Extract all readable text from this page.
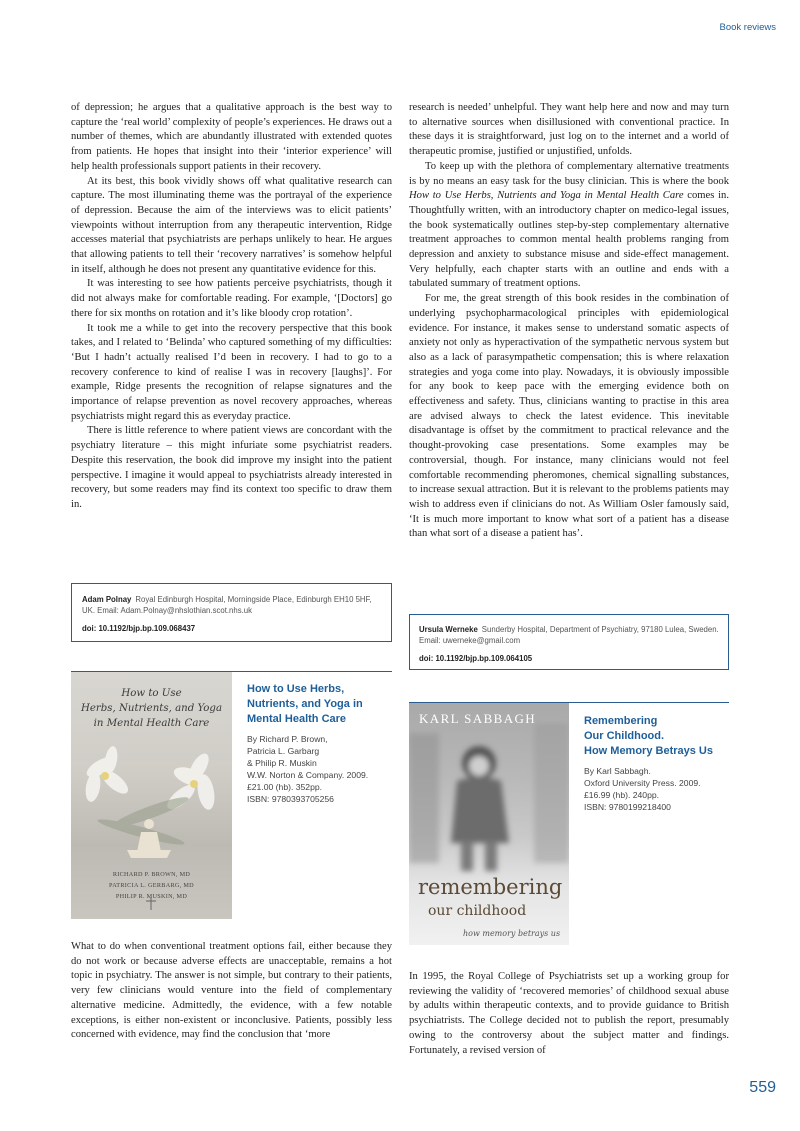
Book reviews
559

of depression; he argues that a qualitative approach is the best way to capture the ‘real world’ complexity of people’s experiences. He draws out a number of themes, which are abundantly illustrated with extended quotes from patients. He hopes that insight into their ‘interior experience’ will help health professionals support patients in their recovery.

At its best, this book vividly shows off what qualitative research can capture. The most illuminating theme was the portrayal of the experience of depression. Because the aim of the interviews was to elicit patients’ viewpoints without interruption from any therapeutic intervention, Ridge accesses material that psychiatrists are perhaps unlikely to hear. He argues that allowing patients to tell their ‘recovery narratives’ is somehow helpful in itself, although he does not present any quantitative evidence for this.

It was interesting to see how patients perceive psychiatrists, though it did not always make for comfortable reading. For example, ‘[Doctors] go there for six months on rotation and it’s like bloody crop rotation’.

It took me a while to get into the recovery perspective that this book takes, and I related to ‘Belinda’ who captured something of my difficulties: ‘But I hadn’t actually realised I’d been in recovery. I had to go to a recovery conference to kind of realise I was in recovery [laughs]’. For example, Ridge presents the recognition of relapse signatures and the importance of relapse prevention as novel recovery approaches, whereas psychiatrists might regard this as everyday practice.

There is little reference to where patient views are concordant with the psychiatry literature – this might infuriate some psychiatrist readers. Despite this reservation, the book did improve my insight into the patient perspective. I imagine it would appeal to psychiatrists already interested in recovery, but some readers may find its context too specific to draw them in.

Adam Polnay Royal Edinburgh Hospital, Morningside Place, Edinburgh EH10 5HF, UK. Email: Adam.Polnay@nhslothian.scot.nhs.uk
doi: 10.1192/bjp.bp.109.068437

research is needed’ unhelpful. They want help here and now and may turn to alternative sources when disillusioned with conventional practice. In these days it is straightforward, just log on to the internet and a world of therapeutic promise, justified or unjustified, unfolds.

To keep up with the plethora of complementary alternative treatments is by no means an easy task for the busy clinician. This is where the book How to Use Herbs, Nutrients and Yoga in Mental Health Care comes in. Thoughtfully written, with an introductory chapter on medico-legal issues, the book systematically outlines step-by-step complementary alternative treatment approaches to common mental health problems ranging from depression and anxiety to substance misuse and side-effect management. Very helpfully, each chapter starts with an outline and ends with a tabulated summary of treatment options.

For me, the great strength of this book resides in the combination of underlying psychopharmacological principles with epidemiological evidence. For instance, it makes sense to understand somatic aspects of anxiety not only as hyperactivation of the sympathetic nervous system but also as a lack of parasympathetic compensation; this is where relaxation strategies and yoga come into play. Nowadays, it is obviously impossible for any book to keep pace with the emerging evidence both on effectiveness and safety. Thus, clinicians wanting to practise in this area are advised always to check the latest evidence. This inevitable disadvantage is offset by the commitment to practical relevance and the thought-provoking case presentations. Some examples may be controversial, though. For instance, many clinicians would not feel comfortable recommending pheromones, chemical signalling substances, to increase sexual attraction. But it is relevant to the problems patients may wish to address even if clinicians do not. As William Osler famously said, ‘It is much more important to know what sort of a patient has a disease than what sort of a disease a patient has’.

Ursula Werneke Sunderby Hospital, Department of Psychiatry, 97180 Lulea, Sweden. Email: uwerneke@gmail.com
doi: 10.1192/bjp.bp.109.064105
How to Use
Herbs, Nutrients, and Yoga
in Mental Health Care
RICHARD P. BROWN, MD
PATRICIA L. GERBARG, MD
PHILIP R. MUSKIN, MD
How to Use Herbs, Nutrients, and Yoga in Mental Health Care
By Richard P. Brown,
Patricia L. Garbarg
& Philip R. Muskin
W.W. Norton & Company. 2009.
£21.00 (hb). 352pp.
ISBN: 9780393705256
KARL SABBAGH
remembering
our childhood
how memory betrays us
Remembering
Our Childhood.
How Memory Betrays Us
By Karl Sabbagh.
Oxford University Press. 2009.
£16.99 (hb). 240pp.
ISBN: 9780199218400

What to do when conventional treatment options fail, either because they do not work or because adverse effects are unacceptable, remains a hot topic in psychiatry. The answer is not simple, but contrary to their patients, very few clinicians would venture into the field of complementary alternative medicine. Admittedly, the evidence, with a few notable exceptions, is either non-existent or inconclusive. Patients, possibly less concerned with evidence, may find the conclusion that ‘more

In 1995, the Royal College of Psychiatrists set up a working group for reviewing the validity of ‘recovered memories’ of childhood sexual abuse by adults within therapeutic contexts, and to provide guidance to British psychiatrists. The College decided not to publish the report, presumably owing to the controversy about the subject matter and findings. Fortunately, a revised version of
